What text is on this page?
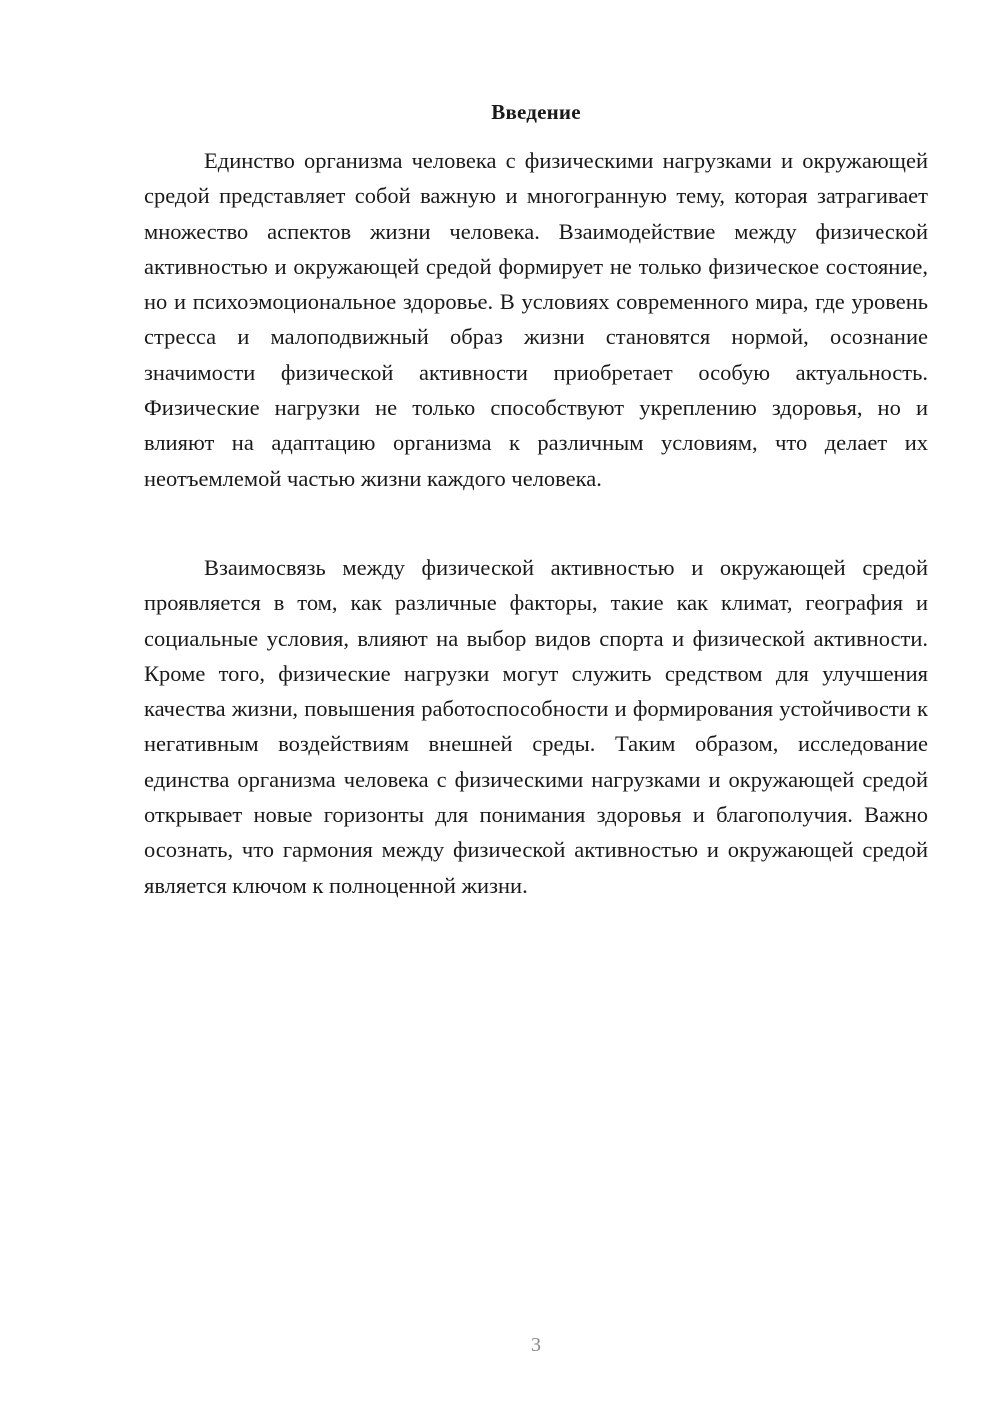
Введение

Единство организма человека с физическими нагрузками и окружающей средой представляет собой важную и многогранную тему, которая затрагивает множество аспектов жизни человека. Взаимодействие между физической активностью и окружающей средой формирует не только физическое состояние, но и психоэмоциональное здоровье. В условиях современного мира, где уровень стресса и малоподвижный образ жизни становятся нормой, осознание значимости физической активности приобретает особую актуальность. Физические нагрузки не только способствуют укреплению здоровья, но и влияют на адаптацию организма к различным условиям, что делает их неотъемлемой частью жизни каждого человека.

Взаимосвязь между физической активностью и окружающей средой проявляется в том, как различные факторы, такие как климат, география и социальные условия, влияют на выбор видов спорта и физической активности. Кроме того, физические нагрузки могут служить средством для улучшения качества жизни, повышения работоспособности и формирования устойчивости к негативным воздействиям внешней среды. Таким образом, исследование единства организма человека с физическими нагрузками и окружающей средой открывает новые горизонты для понимания здоровья и благополучия. Важно осознать, что гармония между физической активностью и окружающей средой является ключом к полноценной жизни.

3
